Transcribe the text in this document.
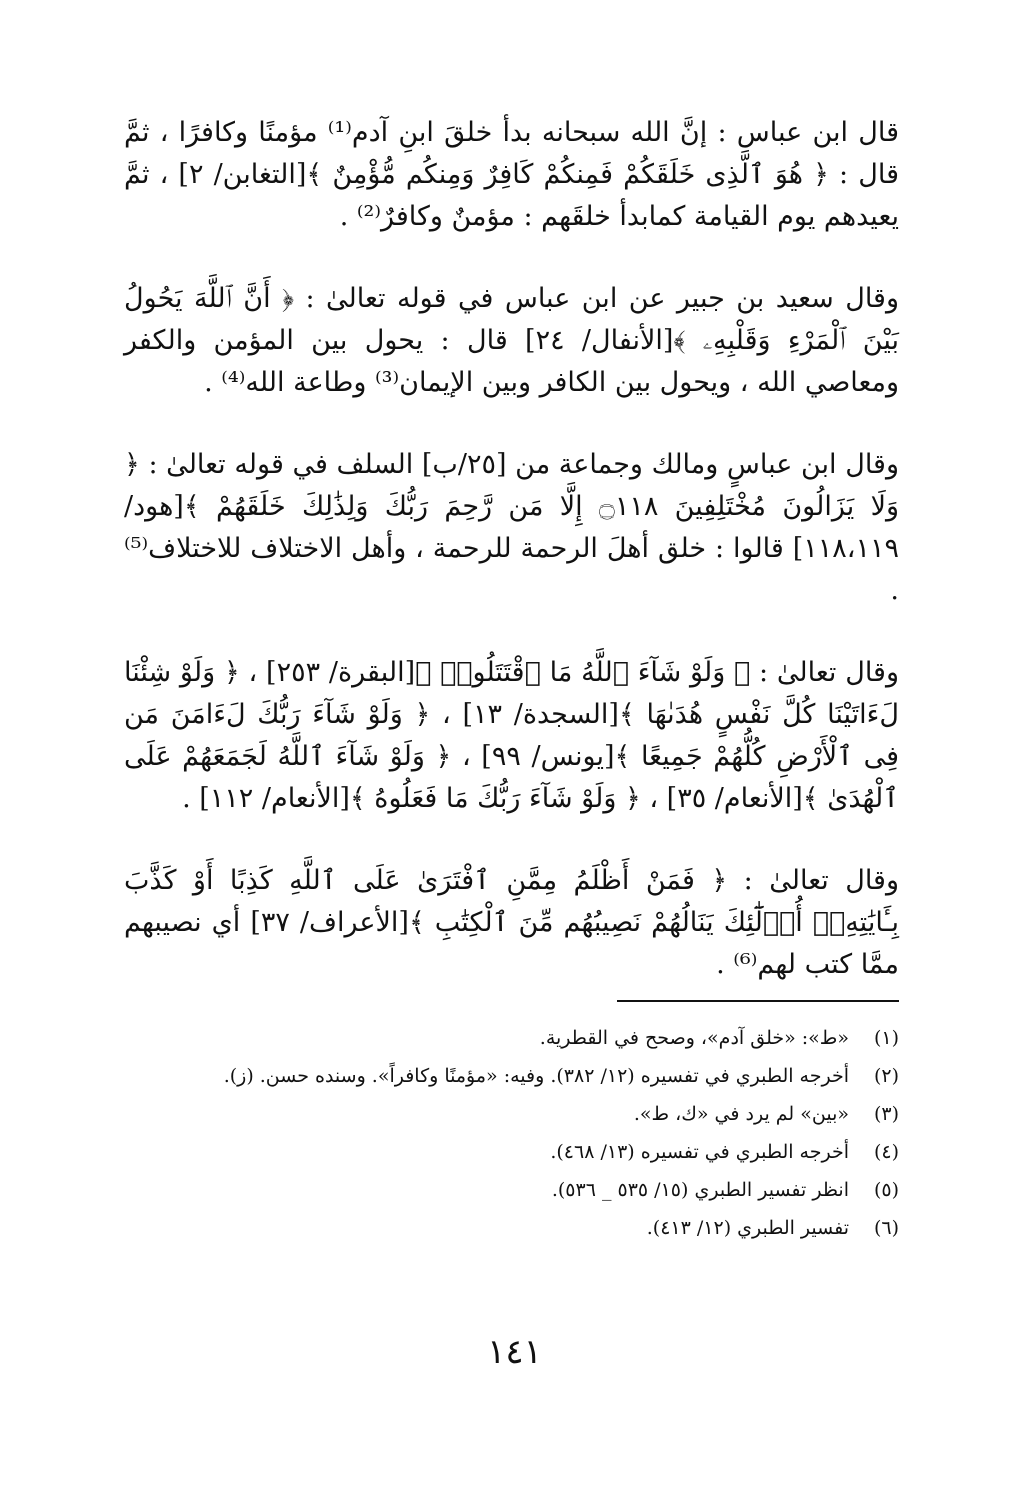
قال ابن عباس : إنَّ الله سبحانه بدأ خلقَ ابنِ آدم⁽¹⁾ مؤمنًا وكافرًا ، ثمَّ قال : ﴿ هُوَ ٱلَّذِى خَلَقَكُمْ فَمِنكُمْ كَافِرٌ وَمِنكُم مُّؤْمِنٌ ﴾[التغابن/ ٢] ، ثمَّ يعيدهم يوم القيامة كمابدأ خلقَهم : مؤمنٌ وكافرٌ⁽²⁾ .

وقال سعيد بن جبير عن ابن عباس في قوله تعالىٰ : ﴿ أَنَّ ٱللَّهَ يَحُولُ بَيْنَ ٱلْمَرْءِ وَقَلْبِهِۦ ﴾[الأنفال/ ٢٤] قال : يحول بين المؤمن والكفر ومعاصي الله ، ويحول بين الكافر وبين الإيمان⁽³⁾ وطاعة الله⁽⁴⁾ .

وقال ابن عباسٍ ومالك وجماعة من [٢٥/ب] السلف في قوله تعالىٰ : ﴿ وَلَا يَزَالُونَ مُخْتَلِفِينَ ۝١١٨ إِلَّا مَن رَّحِمَ رَبُّكَ وَلِذَٰلِكَ خَلَقَهُمْ ﴾[هود/ ١١٨،١١٩] قالوا : خلق أهلَ الرحمة للرحمة ، وأهل الاختلاف للاختلاف⁽⁵⁾ .

وقال تعالىٰ : ﴿ وَلَوْ شَآءَ ٱللَّهُ مَا ٱقْتَتَلُوا۟ ﴾[البقرة/ ٢٥٣] ، ﴿ وَلَوْ شِئْنَا لَءَاتَيْنَا كُلَّ نَفْسٍ هُدَىٰهَا ﴾[السجدة/ ١٣] ، ﴿ وَلَوْ شَآءَ رَبُّكَ لَءَامَنَ مَن فِى ٱلْأَرْضِ كُلُّهُمْ جَمِيعًا ﴾[يونس/ ٩٩] ، ﴿ وَلَوْ شَآءَ ٱللَّهُ لَجَمَعَهُمْ عَلَى ٱلْهُدَىٰ ﴾[الأنعام/ ٣٥] ، ﴿ وَلَوْ شَآءَ رَبُّكَ مَا فَعَلُوهُ ﴾[الأنعام/ ١١٢] .

وقال تعالىٰ : ﴿ فَمَنْ أَظْلَمُ مِمَّنِ ٱفْتَرَىٰ عَلَى ٱللَّهِ كَذِبًا أَوْ كَذَّبَ بِـَٔايَٰتِهِۦٓ أُو۟لَٰٓئِكَ يَنَالُهُمْ نَصِيبُهُم مِّنَ ٱلْكِتَٰبِ ﴾[الأعراف/ ٣٧] أي نصيبهم ممَّا كتب لهم⁽⁶⁾ .

(١)
«ط»: «خلق آدم»، وصحح في القطرية.
(٢)
أخرجه الطبري في تفسيره (١٢/ ٣٨٢). وفيه: «مؤمنًا وكافراً». وسنده حسن. (ز).
(٣)
«بين» لم يرد في «ك، ط».
(٤)
أخرجه الطبري في تفسيره (١٣/ ٤٦٨).
(٥)
انظر تفسير الطبري (١٥/ ٥٣٥ _ ٥٣٦).
(٦)
تفسير الطبري (١٢/ ٤١٣).
١٤١
